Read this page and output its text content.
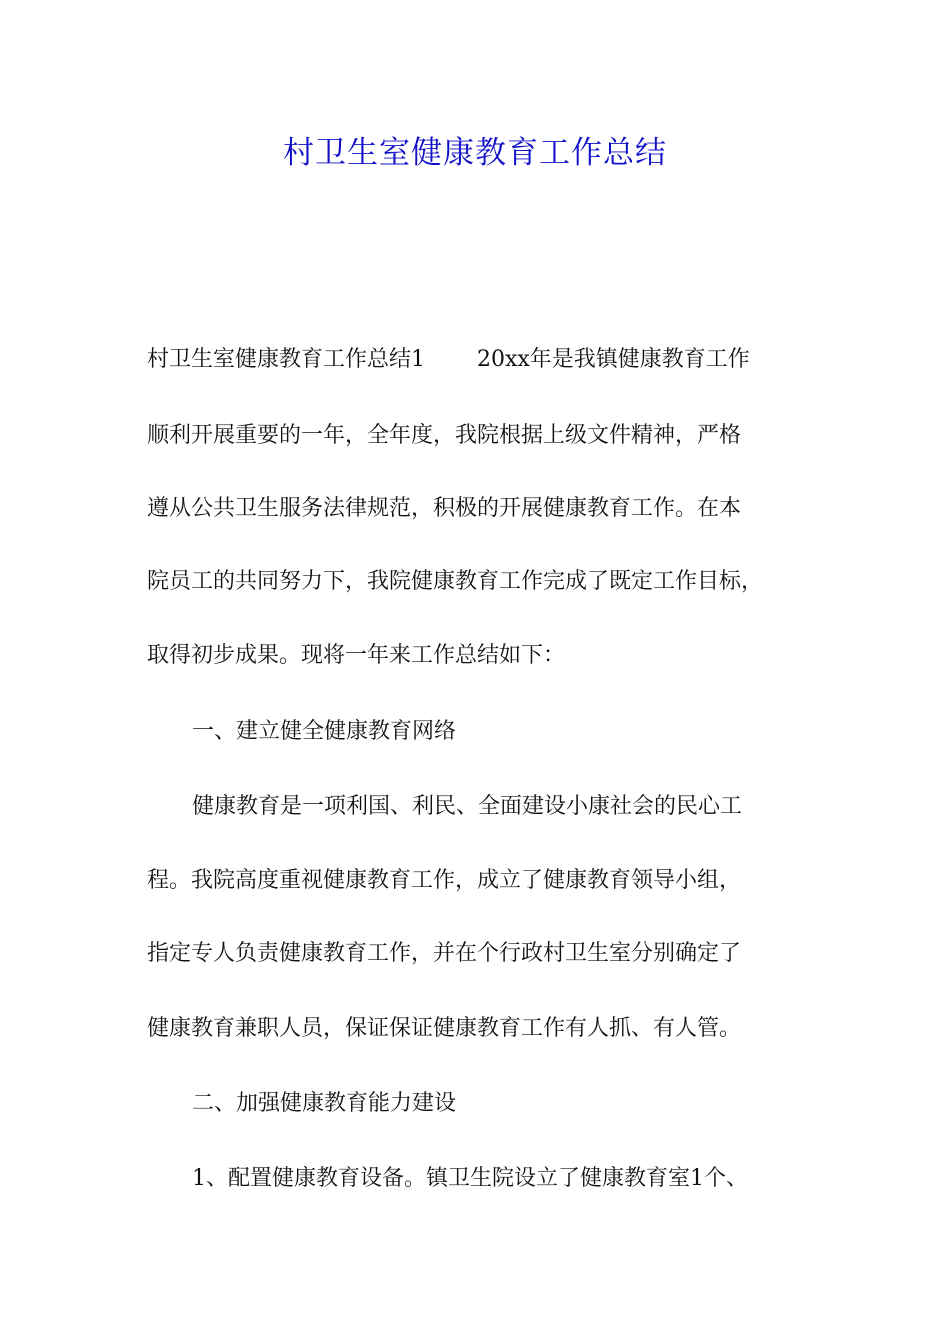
村卫生室健康教育工作总结

村卫生室健康教育工作总结1 20xx年是我镇健康教育工作

顺利开展重要的一年，全年度，我院根据上级文件精神，严格

遵从公共卫生服务法律规范，积极的开展健康教育工作。在本

院员工的共同努力下，我院健康教育工作完成了既定工作目标，

取得初步成果。现将一年来工作总结如下：

一、建立健全健康教育网络

健康教育是一项利国、利民、全面建设小康社会的民心工

程。我院高度重视健康教育工作，成立了健康教育领导小组，

指定专人负责健康教育工作，并在个行政村卫生室分别确定了

健康教育兼职人员，保证保证健康教育工作有人抓、有人管。

二、加强健康教育能力建设

1、配置健康教育设备。镇卫生院设立了健康教育室1个、
